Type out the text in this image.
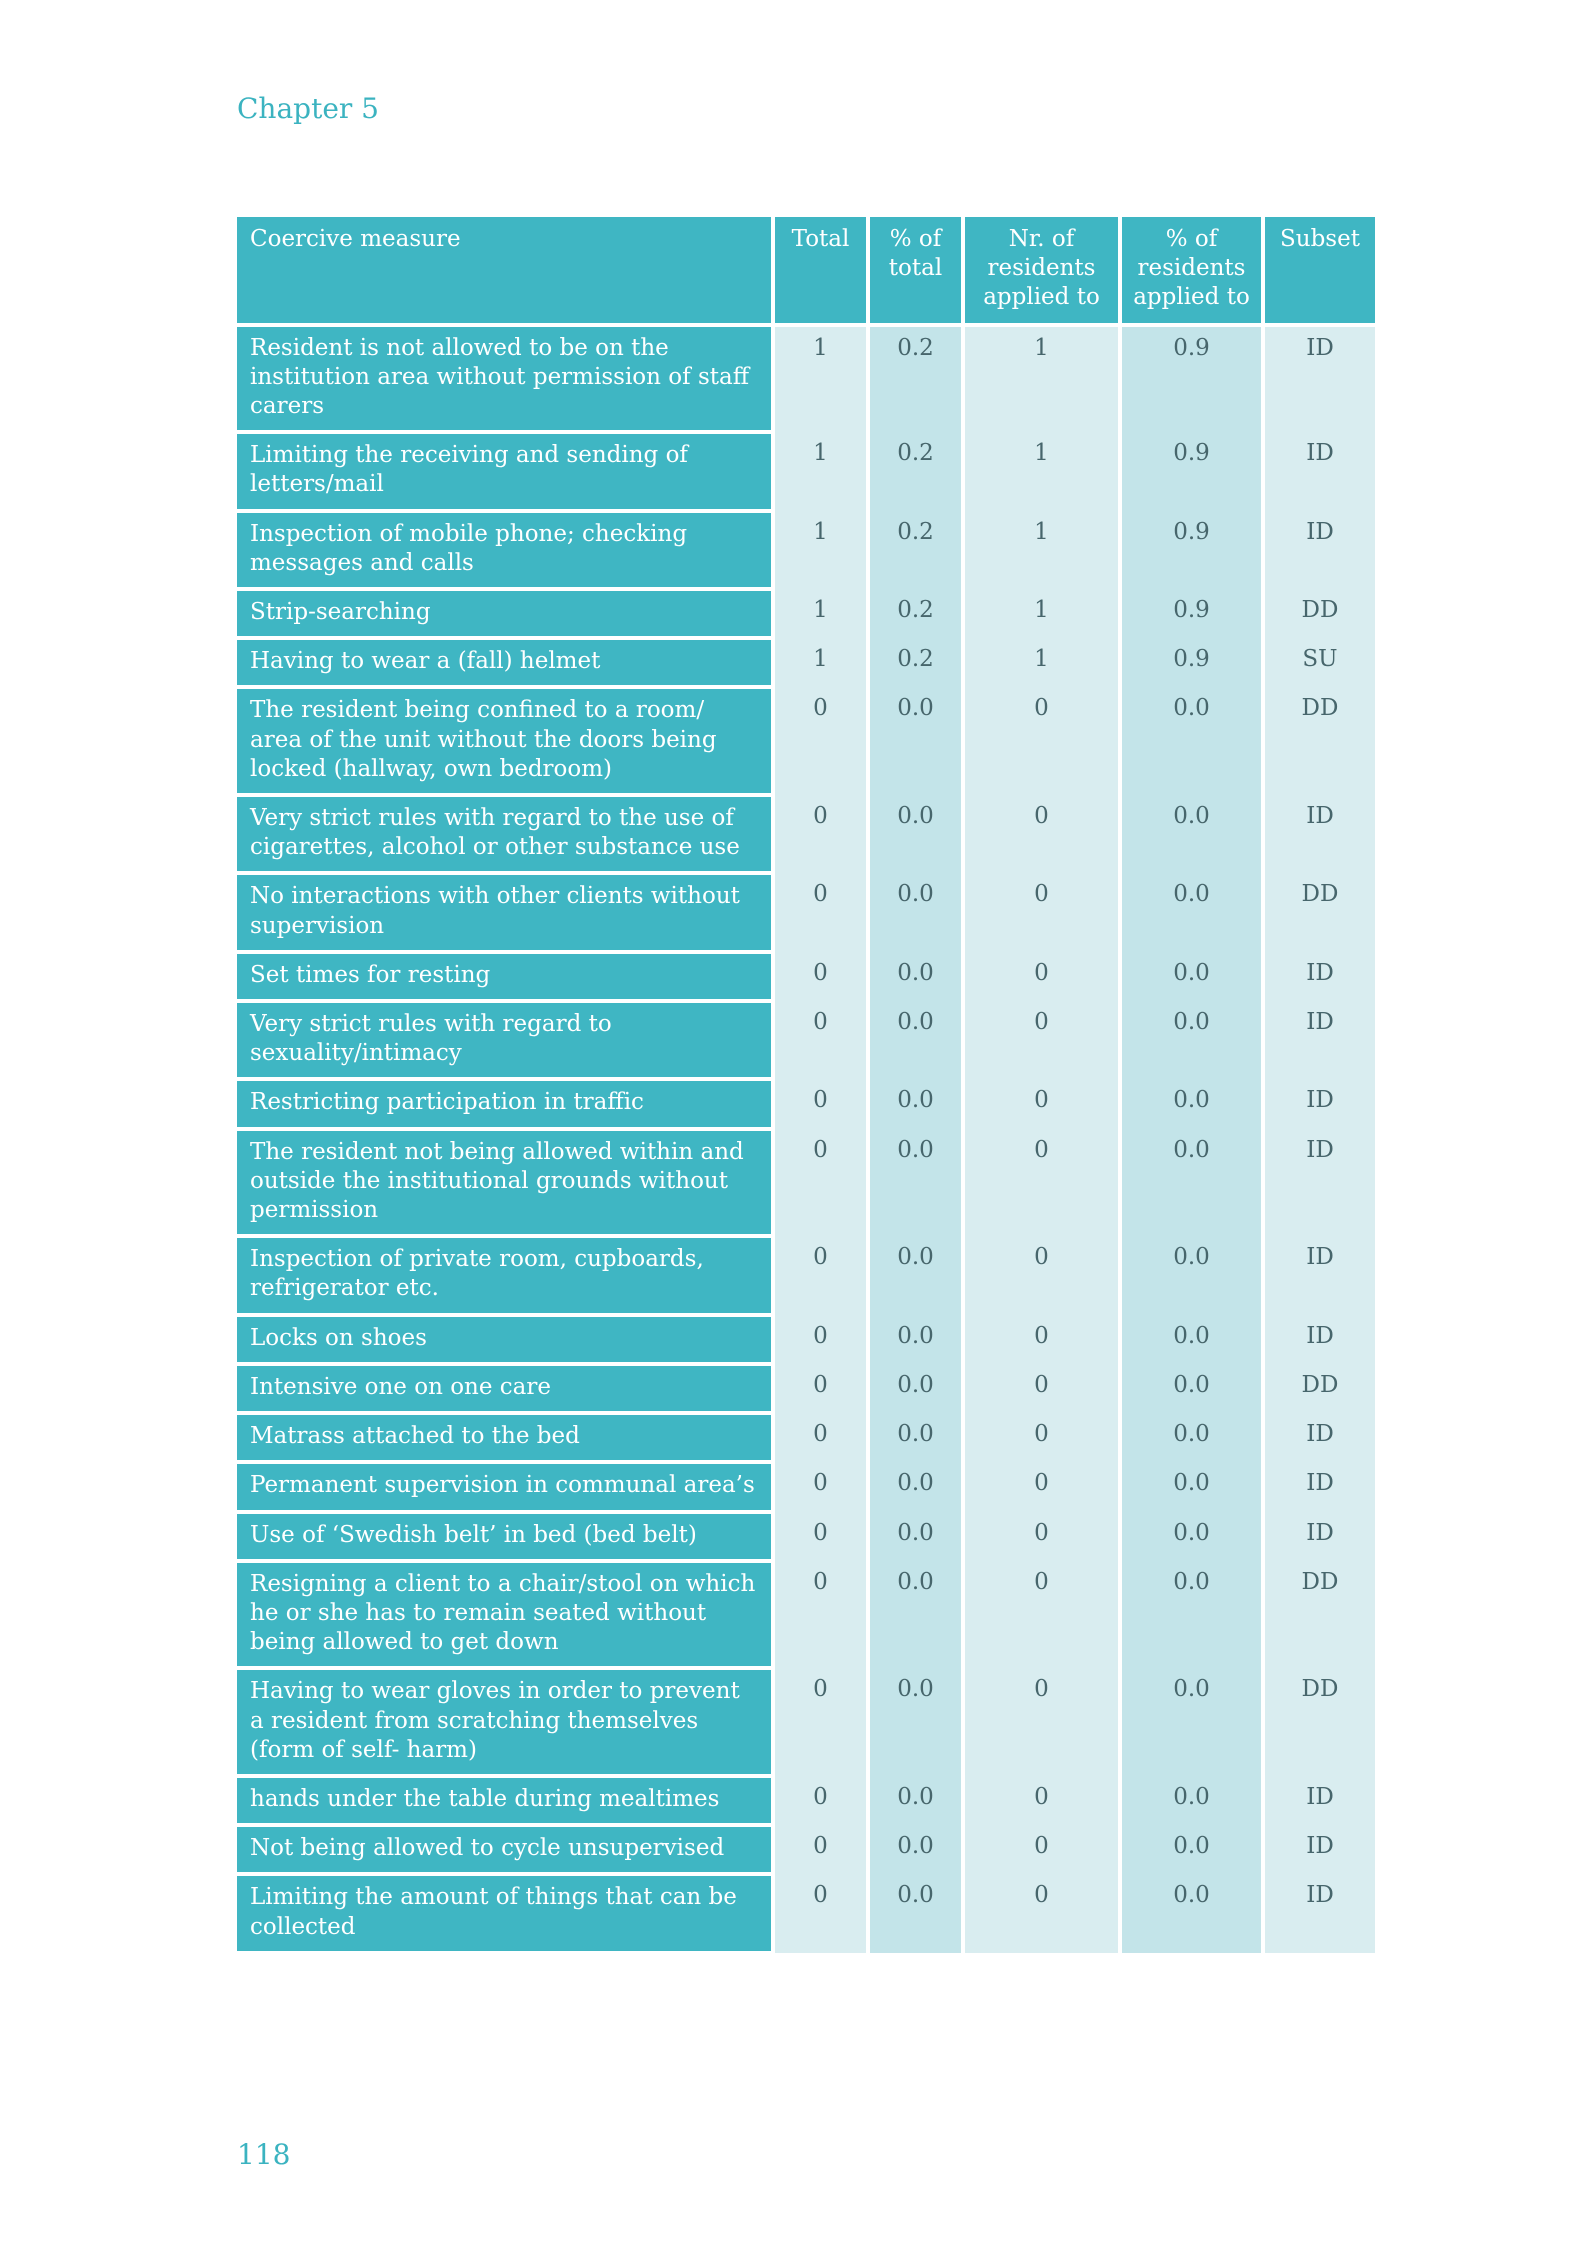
Chapter 5
Coercive measure	Total	% of total	Nr. of residents applied to	% of residents applied to	Subset
Resident is not allowed to be on the institution area without permission of staff carers	1	0.2	1	0.9	ID
Limiting the receiving and sending of letters/mail	1	0.2	1	0.9	ID
Inspection of mobile phone; checking messages and calls	1	0.2	1	0.9	ID
Strip-searching	1	0.2	1	0.9	DD
Having to wear a (fall) helmet	1	0.2	1	0.9	SU
The resident being confined to a room/ area of the unit without the doors being locked (hallway, own bedroom)	0	0.0	0	0.0	DD
Very strict rules with regard to the use of cigarettes, alcohol or other substance use	0	0.0	0	0.0	ID
No interactions with other clients without supervision	0	0.0	0	0.0	DD
Set times for resting	0	0.0	0	0.0	ID
Very strict rules with regard to sexuality/intimacy	0	0.0	0	0.0	ID
Restricting participation in traffic	0	0.0	0	0.0	ID
The resident not being allowed within and outside the institutional grounds without permission	0	0.0	0	0.0	ID
Inspection of private room, cupboards, refrigerator etc.	0	0.0	0	0.0	ID
Locks on shoes	0	0.0	0	0.0	ID
Intensive one on one care	0	0.0	0	0.0	DD
Matrass attached to the bed	0	0.0	0	0.0	ID
Permanent supervision in communal area’s	0	0.0	0	0.0	ID
Use of ‘Swedish belt’ in bed (bed belt)	0	0.0	0	0.0	ID
Resigning a client to a chair/stool on which he or she has to remain seated without being allowed to get down	0	0.0	0	0.0	DD
Having to wear gloves in order to prevent a resident from scratching themselves (form of self- harm)	0	0.0	0	0.0	DD
hands under the table during mealtimes	0	0.0	0	0.0	ID
Not being allowed to cycle unsupervised	0	0.0	0	0.0	ID
Limiting the amount of things that can be collected	0	0.0	0	0.0	ID
118
